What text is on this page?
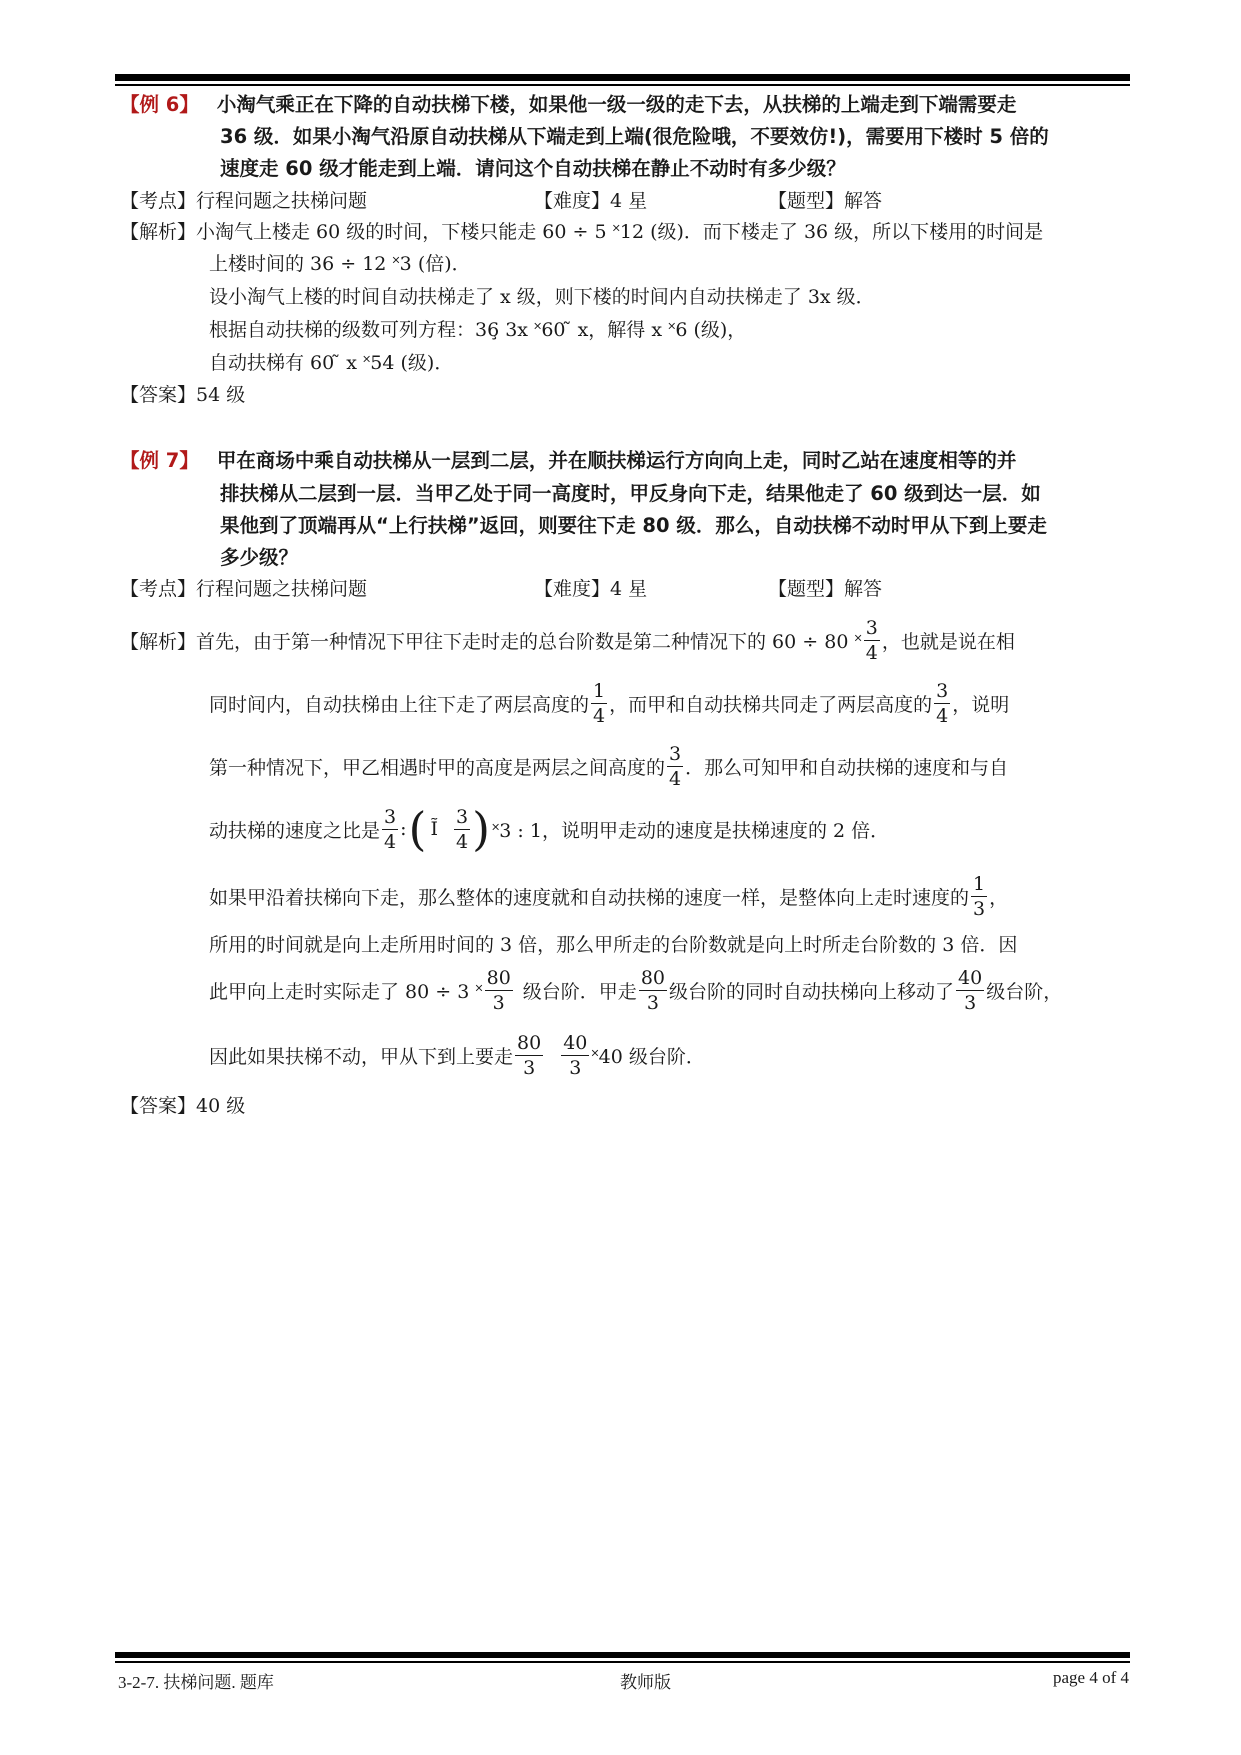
【例 6】 小淘气乘正在下降的自动扶梯下楼，如果他一级一级的走下去，从扶梯的上端走到下端需要走
36 级．如果小淘气沿原自动扶梯从下端走到上端(很危险哦，不要效仿!)，需要用下楼时 5 倍的
速度走 60 级才能走到上端．请问这个自动扶梯在静止不动时有多少级？
【考点】行程问题之扶梯问题	【难度】4 星	【题型】解答
【解析】小淘气上楼走 60 级的时间，下楼只能走 60 ÷ 5 ˟12 (级)．而下楼走了 36 级，所以下楼用的时间是
上楼时间的 36 ÷ 12 ˟3 (倍)．
设小淘气上楼的时间自动扶梯走了 x 级，则下楼的时间内自动扶梯走了 3x 级．
根据自动扶梯的级数可列方程：36̧ 3x ˟60 ̃ x，解得 x ˟6 (级)，
自动扶梯有 60 ̃ x ˟54 (级)．
【答案】54 级
【例 7】 甲在商场中乘自动扶梯从一层到二层，并在顺扶梯运行方向向上走，同时乙站在速度相等的并
排扶梯从二层到一层．当甲乙处于同一高度时，甲反身向下走，结果他走了 60 级到达一层．如
果他到了顶端再从“上行扶梯”返回，则要往下走 80 级．那么，自动扶梯不动时甲从下到上要走
多少级？
【考点】行程问题之扶梯问题	【难度】4 星	【题型】解答
【解析】 首先，由于第一种情况下甲往下走时走的总台阶数是第二种情况下的 60 ÷ 80 ˟ $\frac{3}{4}$ ，也就是说在相
同时间内，自动扶梯由上往下走了两层高度的 $\frac{1}{4}$ ，而甲和自动扶梯共同走了两层高度的 $\frac{3}{4}$ ，说明
第一种情况下，甲乙相遇时甲的高度是两层之间高度的 $\frac{3}{4}$ ．那么可知甲和自动扶梯的速度和与自
动扶梯的速度之比是 $\frac{3}{4}$ : ( Ĩ $\frac{3}{4}$ ) ˟3 : 1，说明甲走动的速度是扶梯速度的 2 倍．
如果甲沿着扶梯向下走，那么整体的速度就和自动扶梯的速度一样，是整体向上走时速度的 $\frac{1}{3}$ ，
所用的时间就是向上走所用时间的 3 倍，那么甲所走的台阶数就是向上时所走台阶数的 3 倍．因
此甲向上走时实际走了 80 ÷ 3 ˟ $\frac{80}{3}$ 级台阶．甲走 $\frac{80}{3}$ 级台阶的同时自动扶梯向上移动了 $\frac{40}{3}$ 级台阶，
因此如果扶梯不动，甲从下到上要走 $\frac{80}{3} \frac{40}{3}$ ˟40 级台阶．
【答案】40 级
3-2-7. 扶梯问题. 题库	教师版	page 4 of 4
